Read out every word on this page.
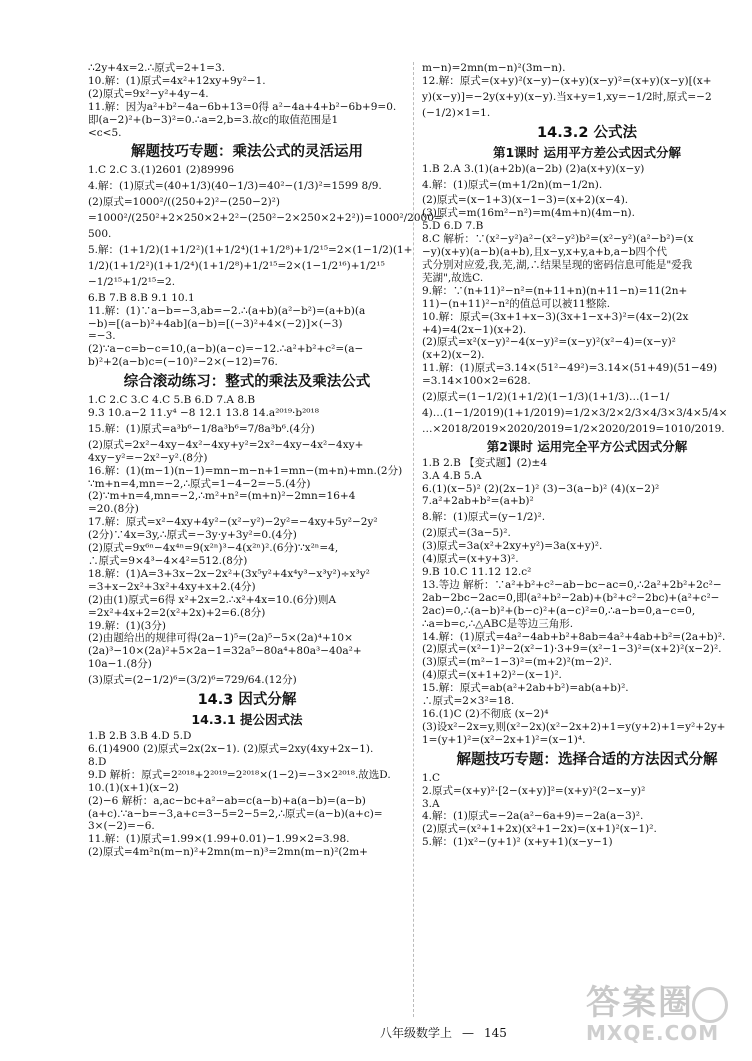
∴2y+4x=2.∴原式=2+1=3.
10.解：(1)原式=4x²+12xy+9y²−1.
(2)原式=9x²−y²+4y−4.
11.解：因为a²+b²−4a−6b+13=0得 a²−4a+4+b²−6b+9=0.
即(a−2)²+(b−3)²=0.∴a=2,b=3.故c的取值范围是1
<c<5.
解题技巧专题：乘法公式的灵活运用
1.C 2.C 3.(1)2601 (2)89996
4.解：(1)原式=(40+1/3)(40−1/3)=40²−(1/3)²=1599 8/9.
(2)原式=1000²/((250+2)²−(250−2)²)
=1000²/(250²+2×250×2+2²−(250²−2×250×2+2²))=1000²/2000=
500.
5.解：(1+1/2)(1+1/2²)(1+1/2⁴)(1+1/2⁸)+1/2¹⁵=2×(1−1/2)(1+
1/2)(1+1/2²)(1+1/2⁴)(1+1/2⁸)+1/2¹⁵=2×(1−1/2¹⁶)+1/2¹⁵
−1/2¹⁵+1/2¹⁵=2.
6.B 7.B 8.B 9.1 10.1
11.解：(1)∵a−b=−3,ab=−2.∴(a+b)(a²−b²)=(a+b)(a
−b)=[(a−b)²+4ab](a−b)=[(−3)²+4×(−2)]×(−3)
=−3.
(2)∵a−c=b−c=10,(a−b)(a−c)=−12.∴a²+b²+c²=(a−
b)²+2(a−b)c=(−10)²−2×(−12)=76.
综合滚动练习：整式的乘法及乘法公式
1.C 2.C 3.C 4.C 5.B 6.D 7.A 8.B
9.3 10.a−2 11.y⁴ −8 12.1 13.8 14.a²⁰¹⁹·b²⁰¹⁸
15.解：(1)原式=a³b⁶−1/8a³b⁶=7/8a³b⁶.(4分)
(2)原式=2x²−4xy−4x²−4xy+y²=2x²−4xy−4x²−4xy+
4xy−y²=−2x²−y².(8分)
16.解：(1)(m−1)(n−1)=mn−m−n+1=mn−(m+n)+mn.(2分)
∵m+n=4,mn=−2,∴原式=1−4−2=−5.(4分)
(2)∵m+n=4,mn=−2,∴m²+n²=(m+n)²−2mn=16+4
=20.(8分)
17.解：原式=x²−4xy+4y²−(x²−y²)−2y²=−4xy+5y²−2y²
(2分)∵4x=3y,∴原式=−3y·y+3y²=0.(4分)
(2)原式=9x⁶ⁿ−4x⁴ⁿ=9(x²ⁿ)³−4(x²ⁿ)².(6分)∵x²ⁿ=4,
∴原式=9×4³−4×4²=512.(8分)
18.解：(1)A=3+3x−2x−2x²+(3x⁵y²+4x⁴y³−x³y²)÷x³y²
=3+x−2x²+3x²+4xy+x+2.(4分)
(2)由(1)原式=6得 x²+2x=2.∴x²+4x=10.(6分)则A
=2x²+4x+2=2(x²+2x)+2=6.(8分)
19.解：(1)(3分)
(2)由题给出的规律可得(2a−1)⁵=(2a)⁵−5×(2a)⁴+10×
(2a)³−10×(2a)²+5×2a−1=32a⁵−80a⁴+80a³−40a²+
10a−1.(8分)
(3)原式=(2−1/2)⁶=(3/2)⁶=729/64.(12分)
14.3 因式分解
14.3.1 提公因式法
1.B 2.B 3.B 4.D 5.D
6.(1)4900 (2)原式=2x(2x−1). (2)原式=2xy(4xy+2x−1).
8.D
9.D 解析：原式=2²⁰¹⁸+2²⁰¹⁹=2²⁰¹⁸×(1−2)=−3×2²⁰¹⁸.故选D.
10.(1)(x+1)(x−2)
(2)−6 解析：a,ac−bc+a²−ab=c(a−b)+a(a−b)=(a−b)
(a+c).∵a−b=−3,a+c=3−5=2−5=2,∴原式=(a−b)(a+c)=
3×(−2)=−6.
11.解：(1)原式=1.99×(1.99+0.01)−1.99×2=3.98.
(2)原式=4m²n(m−n)²+2mn(m−n)³=2mn(m−n)²(2m+
m−n)=2mn(m−n)²(3m−n).
12.解：原式=(x+y)²(x−y)−(x+y)(x−y)²=(x+y)(x−y)[(x+
y)(x−y)]=−2y(x+y)(x−y).当x+y=1,xy=−1/2时,原式=−2
(−1/2)×1=1.
14.3.2 公式法
第1课时 运用平方差公式因式分解
1.B 2.A 3.(1)(a+2b)(a−2b) (2)a(x+y)(x−y)
4.解：(1)原式=(m+1/2n)(m−1/2n).
(2)原式=(x−1+3)(x−1−3)=(x+2)(x−4).
(3)原式=m(16m²−n²)=m(4m+n)(4m−n).
5.D 6.D 7.B
8.C 解析：∵(x²−y²)a²−(x²−y²)b²=(x²−y²)(a²−b²)=(x
−y)(x+y)(a−b)(a+b),且x−y,x+y,a+b,a−b四个代
式分别对应爱,我,芜,湖,∴结果呈现的密码信息可能是"爱我
芜湖",故选C.
9.解：∵(n+11)²−n²=(n+11+n)(n+11−n)=11(2n+
11)−(n+11)²−n²的值总可以被11整除.
10.解：原式=(3x+1+x−3)(3x+1−x+3)²=(4x−2)(2x
+4)=4(2x−1)(x+2).
(2)原式=x²(x−y)²−4(x−y)²=(x−y)²(x²−4)=(x−y)²
(x+2)(x−2).
11.解：(1)原式=3.14×(51²−49²)=3.14×(51+49)(51−49)
=3.14×100×2=628.
(2)原式=(1−1/2)(1+1/2)(1−1/3)(1+1/3)…(1−1/
4)…(1−1/2019)(1+1/2019)=1/2×3/2×2/3×4/3×3/4×5/4×
…×2018/2019×2020/2019=1/2×2020/2019=1010/2019.
第2课时 运用完全平方公式因式分解
1.B 2.B 【变式题】(2)±4
3.A 4.B 5.A
6.(1)(x−5)² (2)(2x−1)² (3)−3(a−b)² (4)(x−2)²
7.a²+2ab+b²=(a+b)²
8.解：(1)原式=(y−1/2)².
(2)原式=(3a−5)².
(3)原式=3a(x²+2xy+y²)=3a(x+y)².
(4)原式=(x+y+3)².
9.B 10.C 11.12 12.c²
13.等边 解析：∵a²+b²+c²−ab−bc−ac=0,∴2a²+2b²+2c²−
2ab−2bc−2ac=0,即(a²+b²−2ab)+(b²+c²−2bc)+(a²+c²−
2ac)=0,∴(a−b)²+(b−c)²+(a−c)²=0,∴a−b=0,a−c=0,
∴a=b=c,∴△ABC是等边三角形.
14.解：(1)原式=4a²−4ab+b²+8ab=4a²+4ab+b²=(2a+b)².
(2)原式=(x²−1)²−2(x²−1)·3+9=(x²−1−3)²=(x+2)²(x−2)².
(3)原式=(m²−1−3)²=(m+2)²(m−2)².
(4)原式=(x+1+2)²−(x−1)².
15.解：原式=ab(a²+2ab+b²)=ab(a+b)².
∴原式=2×3²=18.
16.(1)C (2)不彻底 (x−2)⁴
(3)设x²−2x=y,则(x²−2x)(x²−2x+2)+1=y(y+2)+1=y²+2y+
1=(y+1)²=(x²−2x+1)²=(x−1)⁴.
解题技巧专题：选择合适的方法因式分解
1.C
2.原式=(x+y)²·[2−(x+y)]²=(x+y)²(2−x−y)²
3.A
4.解：(1)原式=−2a(a²−6a+9)=−2a(a−3)².
(2)原式=(x²+1+2x)(x²+1−2x)=(x+1)²(x−1)².
5.解：(1)x²−(y+1)² (x+y+1)(x−y−1)
八年级数学上 — 145
答案圈
MXQE.COM
